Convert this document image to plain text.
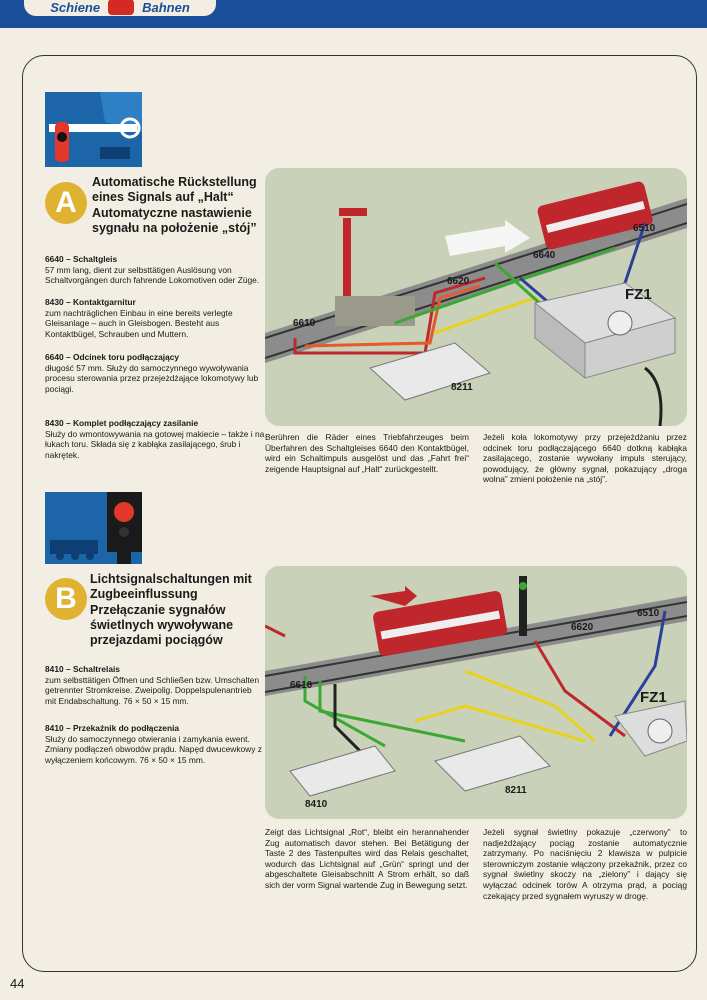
Schiene	Bahnen
A
Automatische Rückstellung eines Signals auf „Halt“
Automatyczne nastawienie sygnału na położenie „stój”
6640 – Schaltgleis
57 mm lang, dient zur selbsttätigen Auslösung von Schaltvorgängen durch fahrende Lokomotiven oder Züge.
8430 – Kontaktgarnitur
zum nachträglichen Einbau in eine bereits verlegte Gleisanlage – auch in Gleisbogen. Besteht aus Kontaktbügel, Schrauben und Muttern.
6640 – Odcinek toru podłączający
długość 57 mm. Służy do samoczynnego wywoływania procesu sterowania przez przejeżdżające lokomotywy lub pociągi.
8430 – Komplet podłączający zasilanie
Służy do wmontowywania na gotowej makiecie – także i na łukach toru. Składa się z kabłąka zasilającego, śrub i nakrętek.
6510
6640
6620
6610
8211
FZ1
Berühren die Räder eines Triebfahrzeuges beim Überfahren des Schaltgleises 6640 den Kontaktbügel, wird ein Schaltimpuls ausgelöst und das „Fahrt frei“ zeigende Hauptsignal auf „Halt“ zurückgestellt.
Jeżeli koła lokomotywy przy przejeżdżaniu przez odcinek toru podłączającego 6640 dotkną kabłąka zasilającego, zostanie wywołany impuls sterujący, powodujący, że główny sygnał, pokazujący „droga wolna” zmieni położenie na „stój”.
B
Lichtsignalschaltungen mit Zugbeeinflussung
Przełączanie sygnałów świetlnych wywoływane przejazdami pociągów
8410 – Schaltrelais
zum selbsttätigen Öffnen und Schließen bzw. Umschalten getrennter Stromkreise. Zweipolig. Doppelspulenantrieb mit Endabschaltung. 76 × 50 × 15 mm.
8410 – Przekaźnik do podłączenia
Służy do samoczynnego otwierania i zamykania ewent. Zmiany podłączeń obwodów prądu. Napęd dwucewkowy z wyłączeniem końcowym. 76 × 50 × 15 mm.
6510
6620
6610
8410
8211
FZ1
Zeigt das Lichtsignal „Rot“, bleibt ein herannahender Zug automatisch davor stehen. Bei Betätigung der Taste 2 des Tastenpultes wird das Relais geschaltet, wodurch das Lichtsignal auf „Grün“ springt und der abgeschaltete Gleisabschnitt A Strom erhält, so daß sich der vorm Signal wartende Zug in Bewegung setzt.
Jeżeli sygnał świetlny pokazuje „czerwony” to nadjeżdżający pociąg zostanie automatycznie zatrzymany. Po naciśnięciu 2 klawisza w pulpicie sterowniczym zostanie włączony przekaźnik, przez co sygnał świetlny skoczy na „zielony” i dający się wyłączać odcinek torów A otrzyma prąd, a pociąg czekający przed sygnałem wyruszy w drogę.
44
